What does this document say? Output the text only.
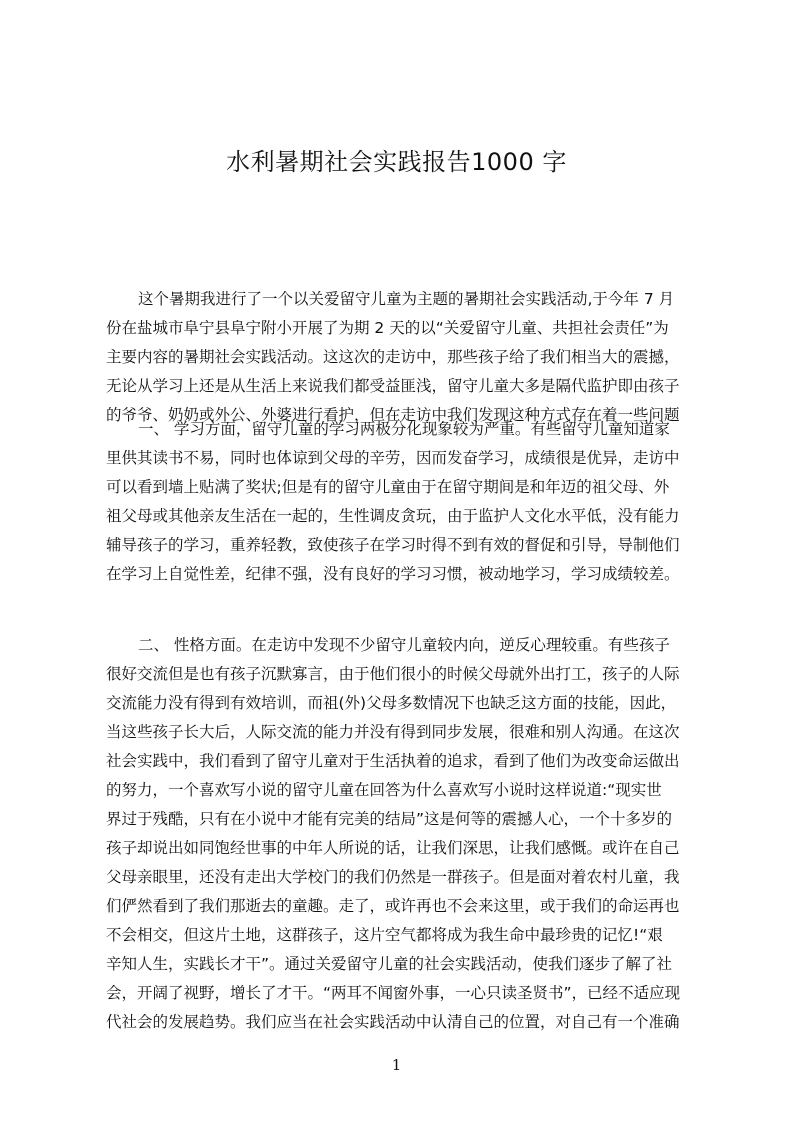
水利暑期社会实践报告1000 字
这个暑期我进行了一个以关爱留守儿童为主题的暑期社会实践活动,于今年 7 月
份在盐城市阜宁县阜宁附小开展了为期 2 天的以“关爱留守儿童、共担社会责任”为
主要内容的暑期社会实践活动。这这次的走访中，那些孩子给了我们相当大的震撼，
无论从学习上还是从生活上来说我们都受益匪浅，留守儿童大多是隔代监护即由孩子
的爷爷、奶奶或外公、外婆进行看护，但在走访中我们发现这种方式存在着一些问题
一、 学习方面，留守儿童的学习两极分化现象较为严重。有些留守儿童知道家
里供其读书不易，同时也体谅到父母的辛劳，因而发奋学习，成绩很是优异，走访中
可以看到墙上贴满了奖状;但是有的留守儿童由于在留守期间是和年迈的祖父母、外
祖父母或其他亲友生活在一起的，生性调皮贪玩，由于监护人文化水平低，没有能力
辅导孩子的学习，重养轻教，致使孩子在学习时得不到有效的督促和引导，导制他们
在学习上自觉性差，纪律不强，没有良好的学习习惯，被动地学习，学习成绩较差。
二、 性格方面。在走访中发现不少留守儿童较内向，逆反心理较重。有些孩子
很好交流但是也有孩子沉默寡言，由于他们很小的时候父母就外出打工，孩子的人际
交流能力没有得到有效培训，而祖(外)父母多数情况下也缺乏这方面的技能，因此，
当这些孩子长大后，人际交流的能力并没有得到同步发展，很难和别人沟通。在这次
社会实践中，我们看到了留守儿童对于生活执着的追求，看到了他们为改变命运做出
的努力，一个喜欢写小说的留守儿童在回答为什么喜欢写小说时这样说道:“现实世
界过于残酷，只有在小说中才能有完美的结局”这是何等的震撼人心，一个十多岁的
孩子却说出如同饱经世事的中年人所说的话，让我们深思，让我们感慨。或许在自己
父母亲眼里，还没有走出大学校门的我们仍然是一群孩子。但是面对着农村儿童，我
们俨然看到了我们那逝去的童趣。走了，或许再也不会来这里，或于我们的命运再也
不会相交，但这片土地，这群孩子，这片空气都将成为我生命中最珍贵的记忆!“艰
辛知人生，实践长才干”。通过关爱留守儿童的社会实践活动，使我们逐步了解了社
会，开阔了视野，增长了才干。“两耳不闻窗外事，一心只读圣贤书”，已经不适应现
代社会的发展趋势。我们应当在社会实践活动中认清自己的位置，对自己有一个准确
1
